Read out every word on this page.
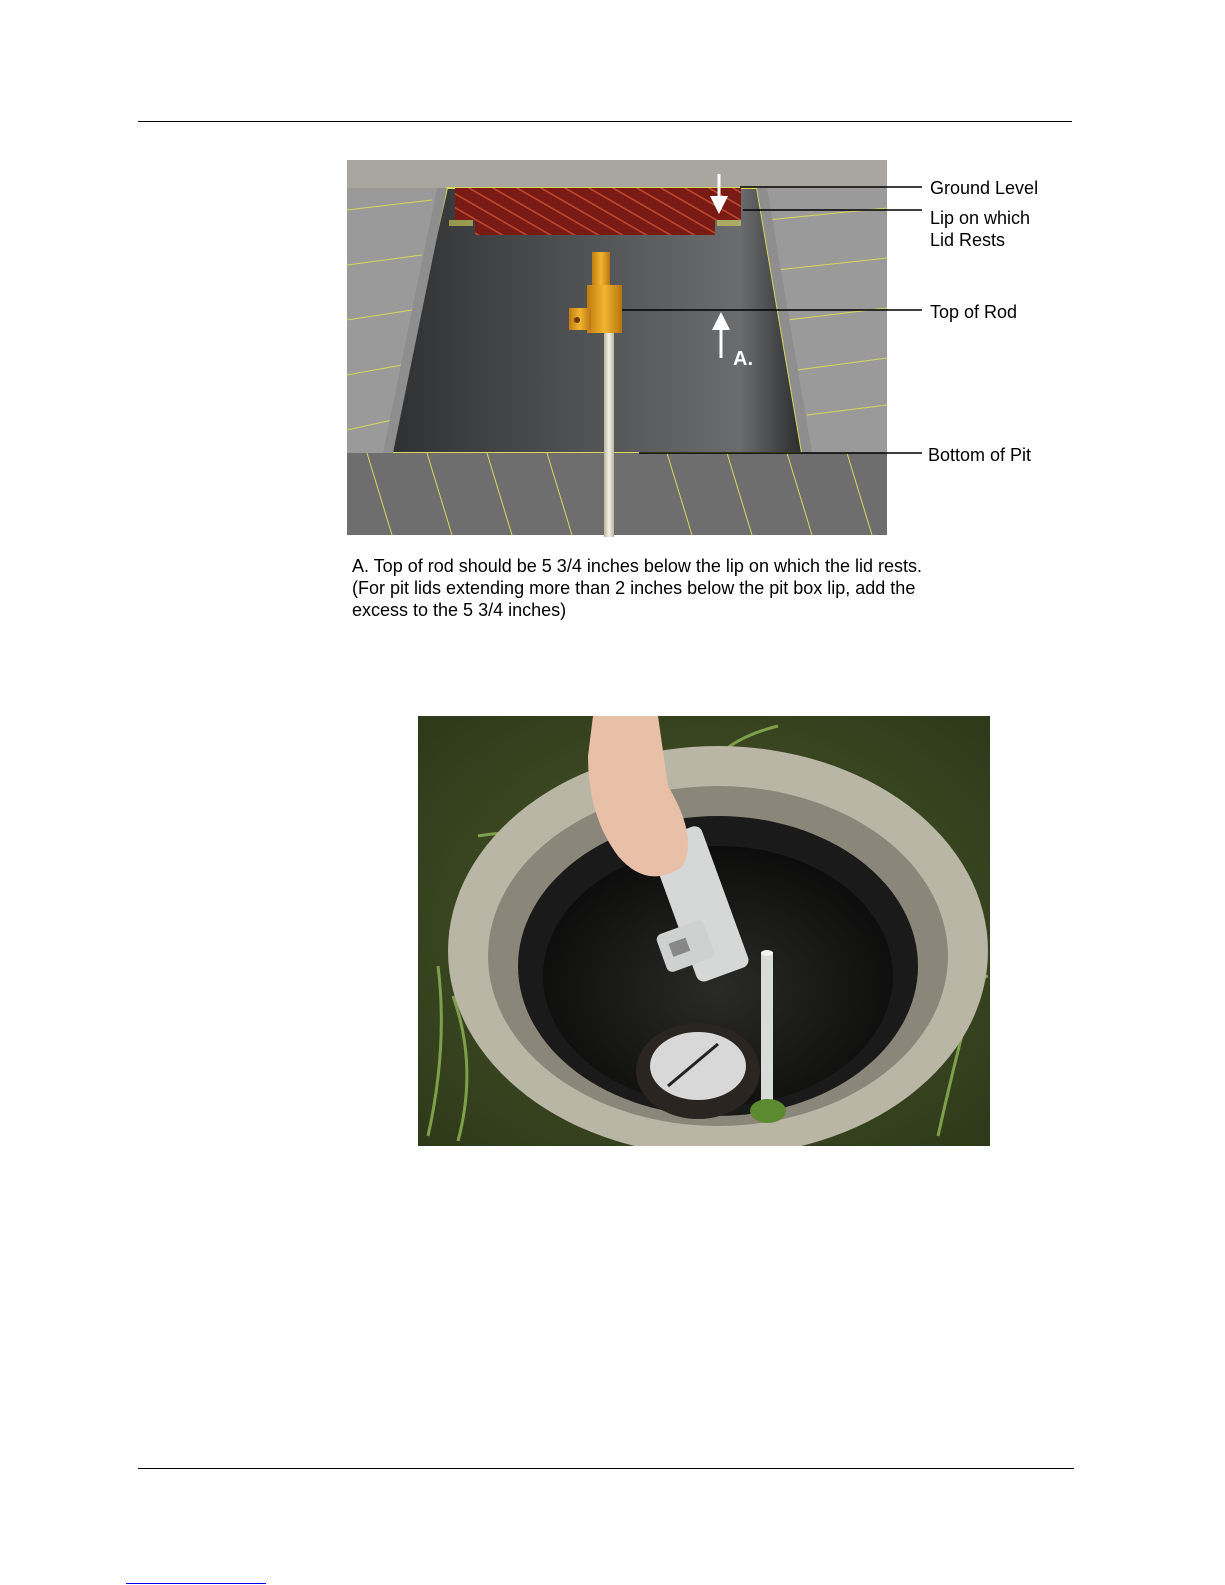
A.
Ground Level
Lip on which
Lid Rests
Top of Rod
Bottom of Pit
A. Top of rod should be 5 3/4 inches below the lip on which the lid rests. (For pit lids extending more than 2 inches below the pit box lip, add the excess to the 5 3/4 inches)
